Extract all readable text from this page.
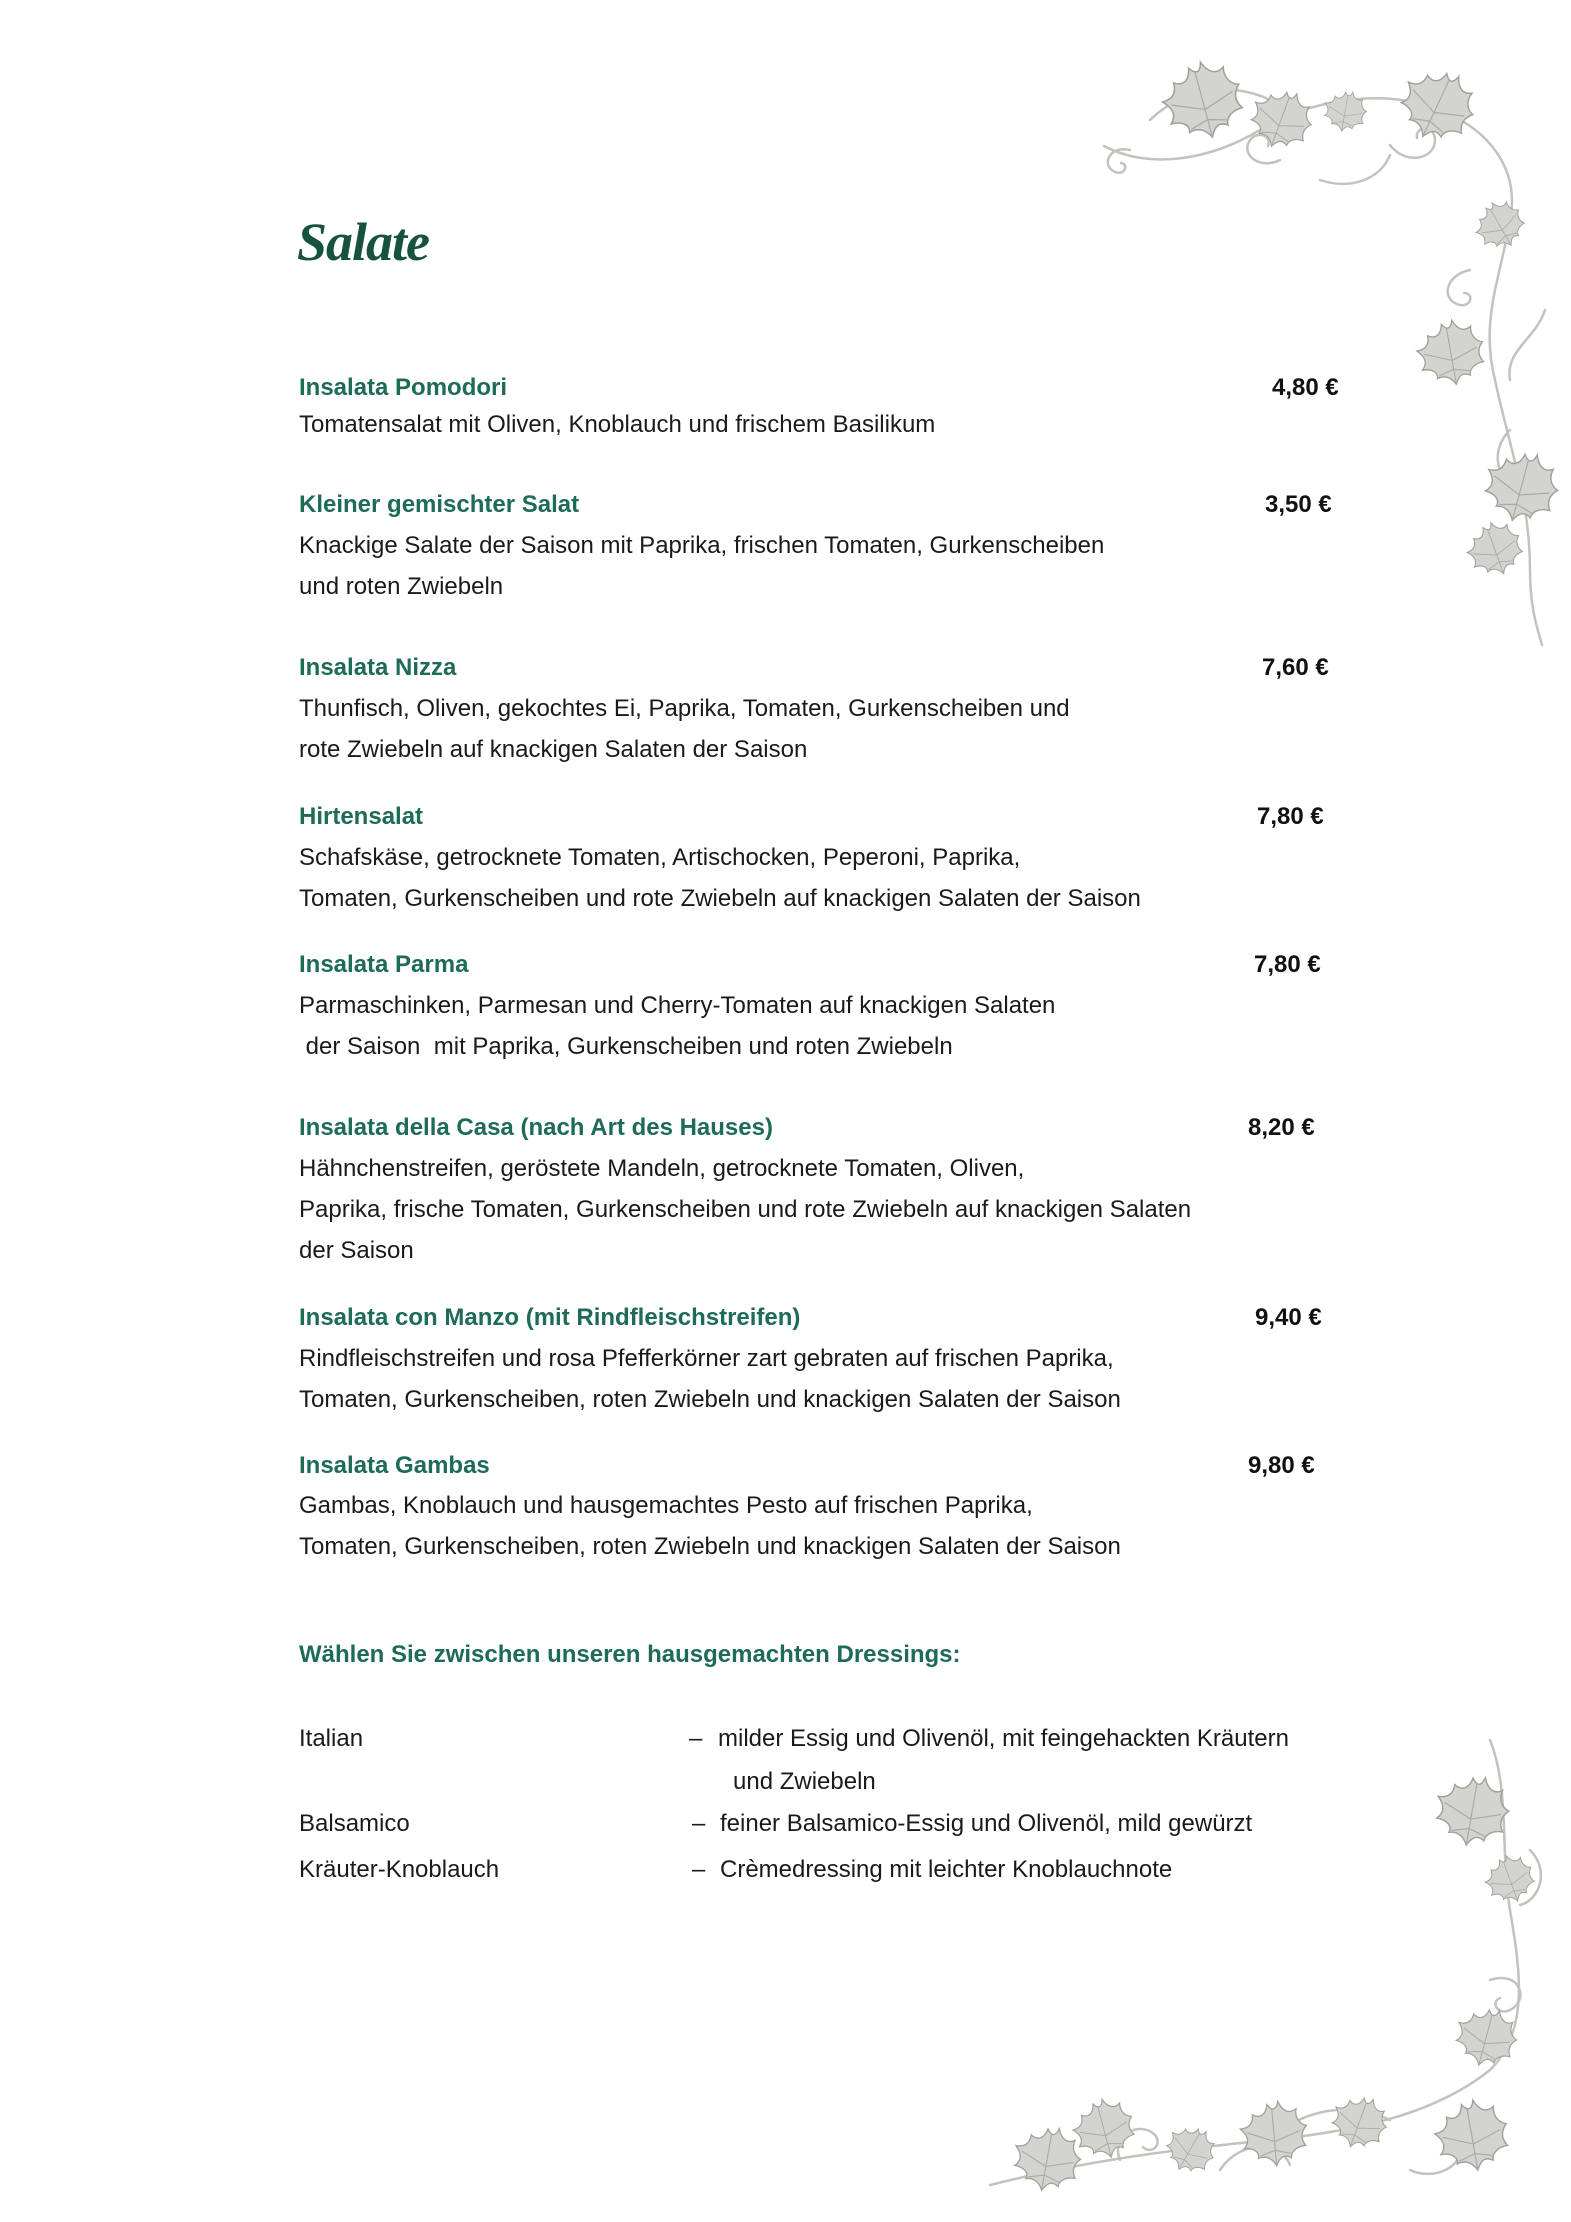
Salate
Insalata Pomodori	4,80 €
Tomatensalat mit Oliven, Knoblauch und frischem Basilikum
Kleiner gemischter Salat	3,50 €
Knackige Salate der Saison mit Paprika, frischen Tomaten, Gurkenscheiben
und roten Zwiebeln
Insalata Nizza	7,60 €
Thunfisch, Oliven, gekochtes Ei, Paprika, Tomaten, Gurkenscheiben und
rote Zwiebeln auf knackigen Salaten der Saison
Hirtensalat	7,80 €
Schafskäse, getrocknete Tomaten, Artischocken, Peperoni, Paprika,
Tomaten, Gurkenscheiben und rote Zwiebeln auf knackigen Salaten der Saison
Insalata Parma	7,80 €
Parmaschinken, Parmesan und Cherry-Tomaten auf knackigen Salaten
der Saison  mit Paprika, Gurkenscheiben und roten Zwiebeln
Insalata della Casa (nach Art des Hauses)	8,20 €
Hähnchenstreifen, geröstete Mandeln, getrocknete Tomaten, Oliven,
Paprika, frische Tomaten, Gurkenscheiben und rote Zwiebeln auf knackigen Salaten
der Saison
Insalata con Manzo (mit Rindfleischstreifen)	9,40 €
Rindfleischstreifen und rosa Pfefferkörner zart gebraten auf frischen Paprika,
Tomaten, Gurkenscheiben, roten Zwiebeln und knackigen Salaten der Saison
Insalata Gambas	9,80 €
Gambas, Knoblauch und hausgemachtes Pesto auf frischen Paprika,
Tomaten, Gurkenscheiben, roten Zwiebeln und knackigen Salaten der Saison
Wählen Sie zwischen unseren hausgemachten Dressings:
Italian	– milder Essig und Olivenöl, mit feingehackten Kräutern
und Zwiebeln
Balsamico	– feiner Balsamico-Essig und Olivenöl, mild gewürzt
Kräuter-Knoblauch	– Crèmedressing mit leichter Knoblauchnote
